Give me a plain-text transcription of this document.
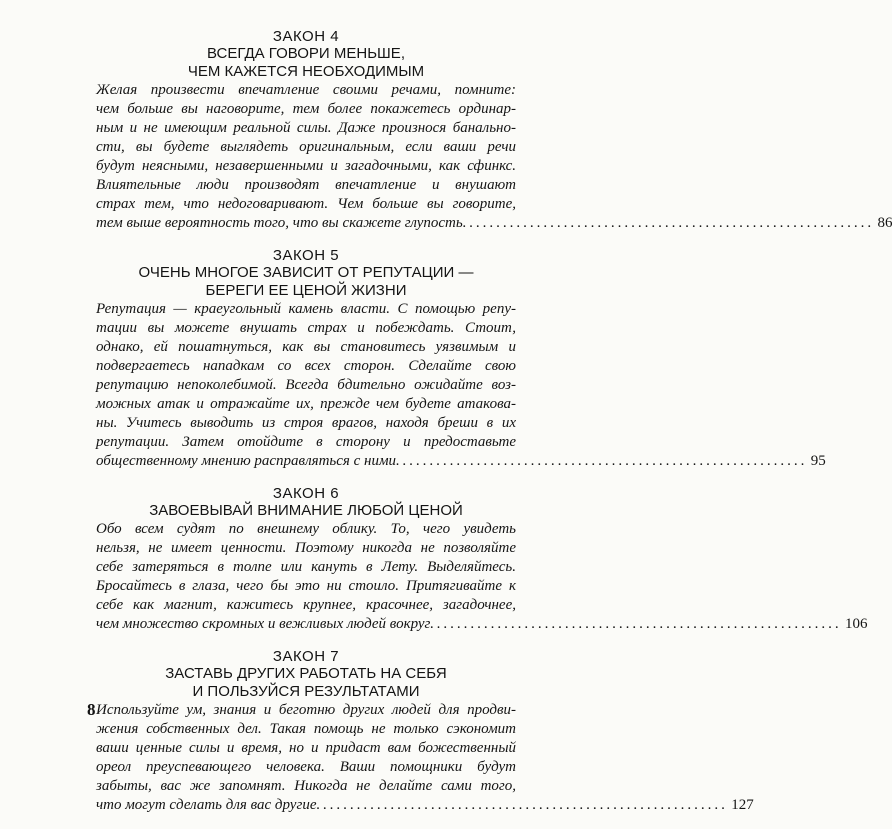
ЗАКОН 4
ВСЕГДА ГОВОРИ МЕНЬШЕ,
ЧЕМ КАЖЕТСЯ НЕОБХОДИМЫМ
Желая произвести впечатление своими речами, помните:
чем больше вы наговорите, тем более покажетесь ординар-
ным и не имеющим реальной силы. Даже произнося банально-
сти, вы будете выглядеть оригинальным, если ваши речи
будут неясными, незавершенными и загадочными, как сфинкс.
Влиятельные люди производят впечатление и внушают
страх тем, что недоговаривают. Чем больше вы говорите,
тем выше вероятность того, что вы скажете глупость. ............................................................ 86
ЗАКОН 5
ОЧЕНЬ МНОГОЕ ЗАВИСИТ ОТ РЕПУТАЦИИ —
БЕРЕГИ ЕЕ ЦЕНОЙ ЖИЗНИ
Репутация — краеугольный камень власти. С помощью репу-
тации вы можете внушать страх и побеждать. Стоит,
однако, ей пошатнуться, как вы становитесь уязвимым и
подвергаетесь нападкам со всех сторон. Сделайте свою
репутацию непоколебимой. Всегда бдительно ожидайте воз-
можных атак и отражайте их, прежде чем будете атакова-
ны. Учитесь выводить из строя врагов, находя бреши в их
репутации. Затем отойдите в сторону и предоставьте
общественному мнению расправляться с ними. ............................................................ 95
ЗАКОН 6
ЗАВОЕВЫВАЙ ВНИМАНИЕ ЛЮБОЙ ЦЕНОЙ
Обо всем судят по внешнему облику. То, чего увидеть
нельзя, не имеет ценности. Поэтому никогда не позволяйте
себе затеряться в толпе или кануть в Лету. Выделяйтесь.
Бросайтесь в глаза, чего бы это ни стоило. Притягивайте к
себе как магнит, кажитесь крупнее, красочнее, загадочнее,
чем множество скромных и вежливых людей вокруг. ............................................................ 106
ЗАКОН 7
ЗАСТАВЬ ДРУГИХ РАБОТАТЬ НА СЕБЯ
И ПОЛЬЗУЙСЯ РЕЗУЛЬТАТАМИ
Используйте ум, знания и беготню других людей для продви-
жения собственных дел. Такая помощь не только сэкономит
ваши ценные силы и время, но и придаст вам божественный
ореол преуспевающего человека. Ваши помощники будут
забыты, вас же запомнят. Никогда не делайте сами того,
что могут сделать для вас другие. ............................................................ 127
8
